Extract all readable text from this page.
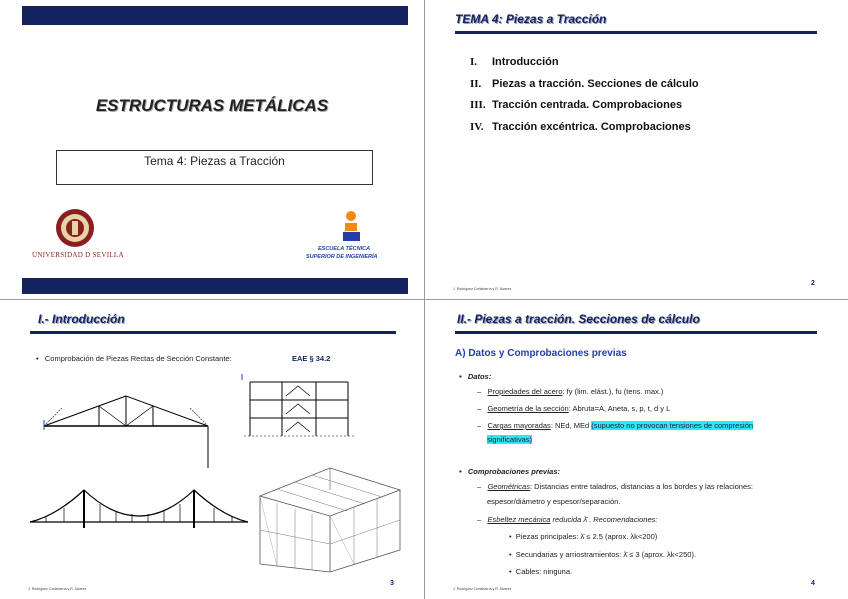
ESTRUCTURAS METÁLICAS
Tema 4: Piezas a Tracción
UNIVERSIDAD D SEVILLA
ESCUELA TÉCNICA
SUPERIOR DE INGENIERÍA
TEMA 4: Piezas a Tracción
2
J. Rodríguez Cortabarría y R. Álvarez
I. Introducción
II. Piezas a tracción. Secciones de cálculo
III. Tracción centrada. Comprobaciones
IV. Tracción excéntrica. Comprobaciones
I.- Introducción
•   Comprobación de Piezas Rectas de Sección Constante:	EAE § 34.2
3
J. Rodríguez Cortabarría y R. Álvarez
II.- Piezas a tracción. Secciones de cálculo
A) Datos y Comprobaciones previas
•   Datos:
–   Propiedades del acero: fy (lim. elást.), fu (tens. max.)
–   Geometría de la sección: Abruta=A, Aneta, s, p, t, d y L
–   Cargas mayoradas: NEd, MEd (supuesto no provocan tensiones de compresión
significativas)
•   Comprobaciones previas:
–   Geométricas: Distancias entre taladros, distancias a los bordes y las relaciones:
espesor/diámetro y espesor/separación.
–   Esbeltez mecánica reducida λ̄ . Recomendaciones:
•  Piezas principales: λ̄ ≤ 2.5 (aprox. λk<200)
•  Secundarias y arriostramientos: λ̄ ≤ 3 (aprox. λk<250).
•  Cables: ninguna.
4
J. Rodríguez Cortabarría y R. Álvarez
